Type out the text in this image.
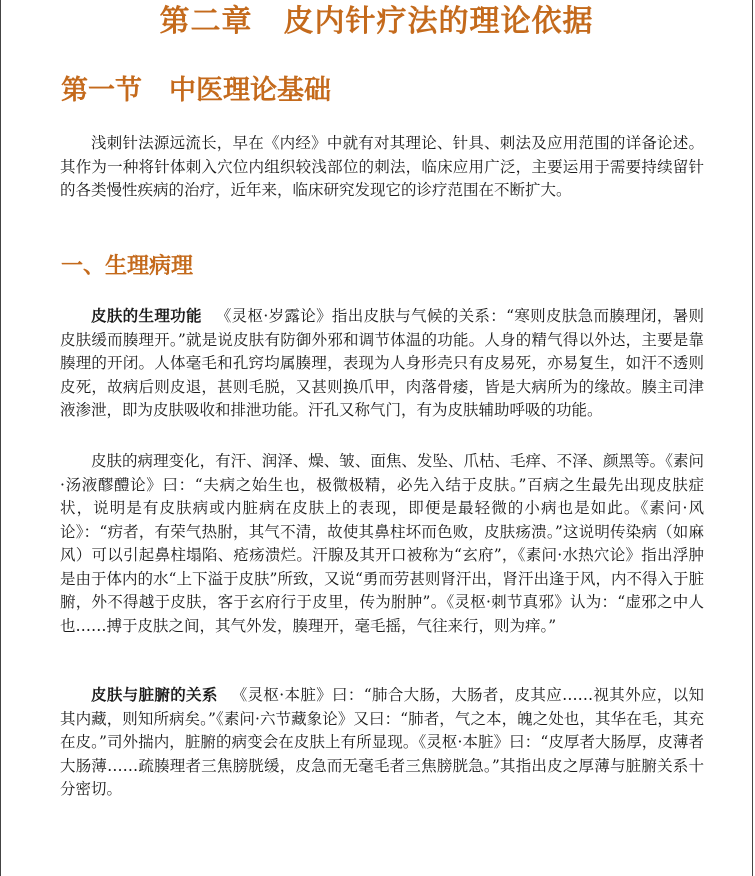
第二章　皮内针疗法的理论依据
第一节　中医理论基础

浅刺针法源远流长，早在《内经》中就有对其理论、针具、刺法及应用范围的详备论述。其作为一种将针体刺入穴位内组织较浅部位的刺法，临床应用广泛，主要运用于需要持续留针的各类慢性疾病的治疗，近年来，临床研究发现它的诊疗范围在不断扩大。

一、生理病理

皮肤的生理功能 《灵枢·岁露论》指出皮肤与气候的关系：“寒则皮肤急而腠理闭，暑则皮肤缓而腠理开。”就是说皮肤有防御外邪和调节体温的功能。人身的精气得以外达，主要是靠腠理的开闭。人体毫毛和孔窍均属腠理，表现为人身形壳只有皮易死，亦易复生，如汗不透则皮死，故病后则皮退，甚则毛脱，又甚则换爪甲，肉落骨痿，皆是大病所为的缘故。腠主司津液渗泄，即为皮肤吸收和排泄功能。汗孔又称气门，有为皮肤辅助呼吸的功能。

皮肤的病理变化，有汗、润泽、燥、皱、面焦、发坠、爪枯、毛痒、不泽、颜黑等。《素问·汤液醪醴论》曰：“夫病之始生也，极微极精，必先入结于皮肤。”百病之生最先出现皮肤症状，说明是有皮肤病或内脏病在皮肤上的表现，即便是最轻微的小病也是如此。《素问·风论》：“疠者，有荣气热胕，其气不清，故使其鼻柱坏而色败，皮肤疡溃。”这说明传染病（如麻风）可以引起鼻柱塌陷、疮疡溃烂。汗腺及其开口被称为“玄府”，《素问·水热穴论》指出浮肿是由于体内的水“上下溢于皮肤”所致，又说“勇而劳甚则肾汗出，肾汗出逢于风，内不得入于脏腑，外不得越于皮肤，客于玄府行于皮里，传为胕肿”。《灵枢·刺节真邪》认为：“虚邪之中人也……搏于皮肤之间，其气外发，腠理开，毫毛摇，气往来行，则为痒。”

皮肤与脏腑的关系 《灵枢·本脏》曰：“肺合大肠，大肠者，皮其应……视其外应，以知其内藏，则知所病矣。”《素问·六节藏象论》又曰：“肺者，气之本，魄之处也，其华在毛，其充在皮。”司外揣内，脏腑的病变会在皮肤上有所显现。《灵枢·本脏》曰：“皮厚者大肠厚，皮薄者大肠薄……疏腠理者三焦膀胱缓，皮急而无毫毛者三焦膀胱急。”其指出皮之厚薄与脏腑关系十分密切。
